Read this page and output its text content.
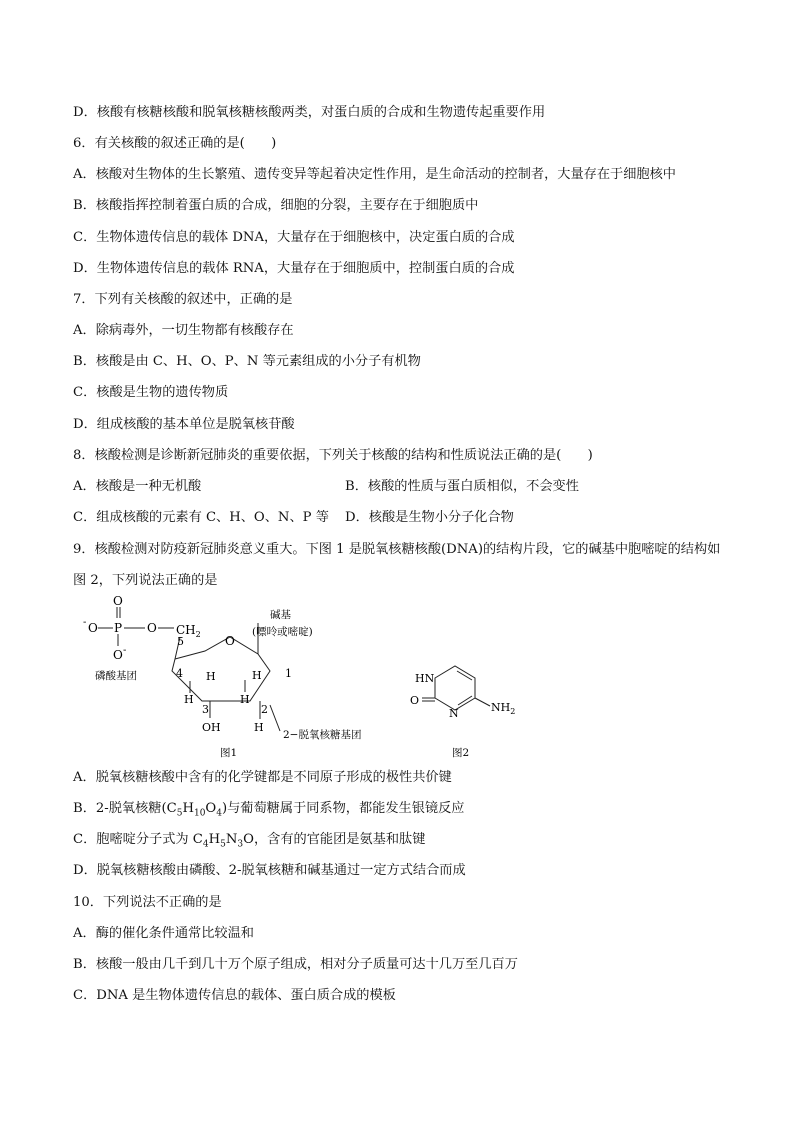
D．核酸有核糖核酸和脱氧核糖核酸两类，对蛋白质的合成和生物遗传起重要作用
6．有关核酸的叙述正确的是(　　)
A．核酸对生物体的生长繁殖、遗传变异等起着决定性作用，是生命活动的控制者，大量存在于细胞核中
B．核酸指挥控制着蛋白质的合成，细胞的分裂，主要存在于细胞质中
C．生物体遗传信息的载体 DNA，大量存在于细胞核中，决定蛋白质的合成
D．生物体遗传信息的载体 RNA，大量存在于细胞质中，控制蛋白质的合成
7．下列有关核酸的叙述中，正确的是
A．除病毒外，一切生物都有核酸存在
B．核酸是由 C、H、O、P、N 等元素组成的小分子有机物
C．核酸是生物的遗传物质
D．组成核酸的基本单位是脱氧核苷酸
8．核酸检测是诊断新冠肺炎的重要依据，下列关于核酸的结构和性质说法正确的是(　　)
A．核酸是一种无机酸	B．核酸的性质与蛋白质相似，不会变性
C．组成核酸的元素有 C、H、O、N、P 等 D．核酸是生物小分子化合物
9．核酸检测对防疫新冠肺炎意义重大。下图 1 是脱氧核糖核酸(DNA)的结构片段，它的碱基中胞嘧啶的结构如图 2，下列说法正确的是
O
O
- P O
O -
磷酸基团
$CH_2$ O
碱基
(嘌呤或嘧啶)
5
4
3	2
1
H
H
H
H
H
OH
2−脱氧核糖基团
图1
HN
O
N	$NH_2$
图2
A．脱氧核糖核酸中含有的化学键都是不同原子形成的极性共价键
B．2-脱氧核糖$(C_5H_{10}O_4)$与葡萄糖属于同系物，都能发生银镜反应
C．胞嘧啶分子式为 $C_4H_5N_3O$，含有的官能团是氨基和肽键
D．脱氧核糖核酸由磷酸、2-脱氧核糖和碱基通过一定方式结合而成
10．下列说法不正确的是
A．酶的催化条件通常比较温和
B．核酸一般由几千到几十万个原子组成，相对分子质量可达十几万至几百万
C．DNA 是生物体遗传信息的载体、蛋白质合成的模板
